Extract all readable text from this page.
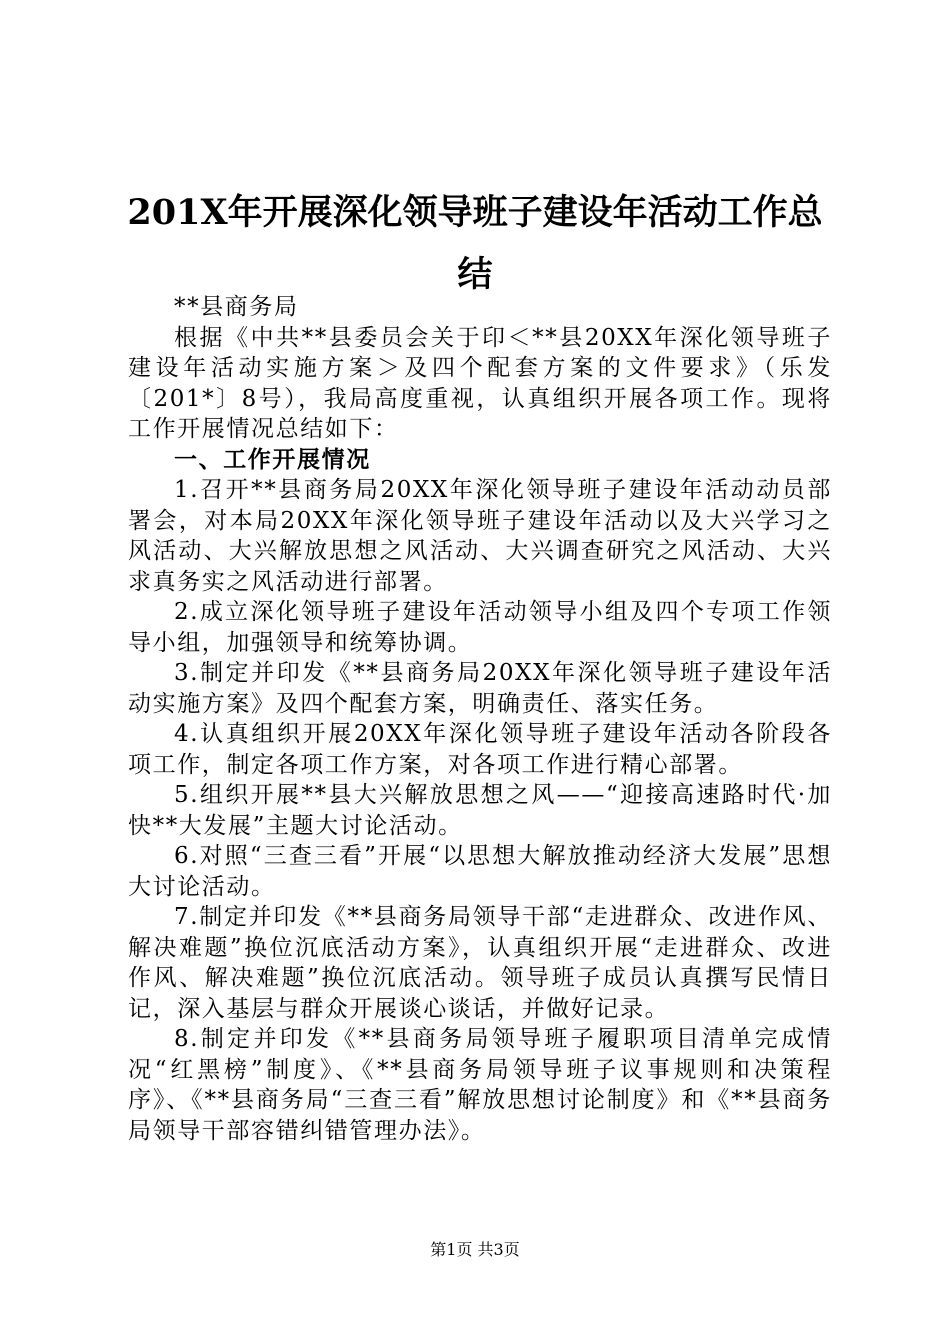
201X年开展深化领导班子建设年活动工作总结

**县商务局

根据《中共**县委员会关于印＜**县20XX年深化领导班子建设年活动实施方案＞及四个配套方案的文件要求》（乐发〔201*〕8号），我局高度重视，认真组织开展各项工作。现将工作开展情况总结如下：

一、工作开展情况

1.召开**县商务局20XX年深化领导班子建设年活动动员部署会，对本局20XX年深化领导班子建设年活动以及大兴学习之风活动、大兴解放思想之风活动、大兴调查研究之风活动、大兴求真务实之风活动进行部署。

2.成立深化领导班子建设年活动领导小组及四个专项工作领导小组，加强领导和统筹协调。

3.制定并印发《**县商务局20XX年深化领导班子建设年活动实施方案》及四个配套方案，明确责任、落实任务。

4.认真组织开展20XX年深化领导班子建设年活动各阶段各项工作，制定各项工作方案，对各项工作进行精心部署。

5.组织开展**县大兴解放思想之风——“迎接高速路时代·加快**大发展”主题大讨论活动。

6.对照“三查三看”开展“以思想大解放推动经济大发展”思想大讨论活动。

7.制定并印发《**县商务局领导干部“走进群众、改进作风、解决难题”换位沉底活动方案》，认真组织开展“走进群众、改进作风、解决难题”换位沉底活动。领导班子成员认真撰写民情日记，深入基层与群众开展谈心谈话，并做好记录。

8.制定并印发《**县商务局领导班子履职项目清单完成情况“红黑榜”制度》、《**县商务局领导班子议事规则和决策程序》、《**县商务局“三查三看”解放思想讨论制度》和《**县商务局领导干部容错纠错管理办法》。

第1页 共3页
